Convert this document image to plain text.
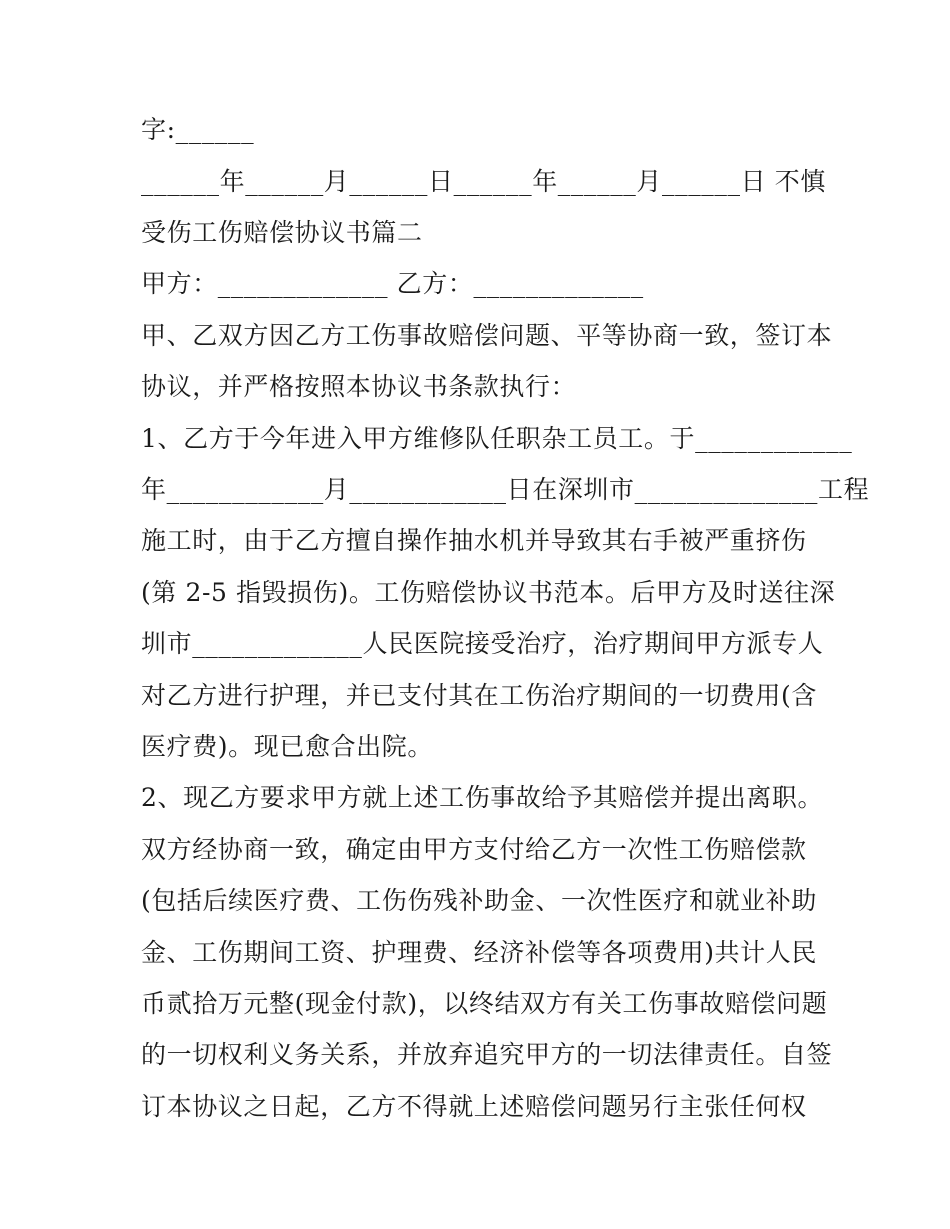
字:______
______年______月______日______年______月______日 不慎
受伤工伤赔偿协议书篇二
甲方：_____________ 乙方：_____________
甲、乙双方因乙方工伤事故赔偿问题、平等协商一致，签订本
协议，并严格按照本协议书条款执行：
1、乙方于今年进入甲方维修队任职杂工员工。于____________
年____________月____________日在深圳市______________工程
施工时，由于乙方擅自操作抽水机并导致其右手被严重挤伤
(第 2-5 指毁损伤)。工伤赔偿协议书范本。后甲方及时送往深
圳市_____________人民医院接受治疗，治疗期间甲方派专人
对乙方进行护理，并已支付其在工伤治疗期间的一切费用(含
医疗费)。现已愈合出院。
2、现乙方要求甲方就上述工伤事故给予其赔偿并提出离职。
双方经协商一致，确定由甲方支付给乙方一次性工伤赔偿款
(包括后续医疗费、工伤伤残补助金、一次性医疗和就业补助
金、工伤期间工资、护理费、经济补偿等各项费用)共计人民
币贰拾万元整(现金付款)，以终结双方有关工伤事故赔偿问题
的一切权利义务关系，并放弃追究甲方的一切法律责任。自签
订本协议之日起，乙方不得就上述赔偿问题另行主张任何权
